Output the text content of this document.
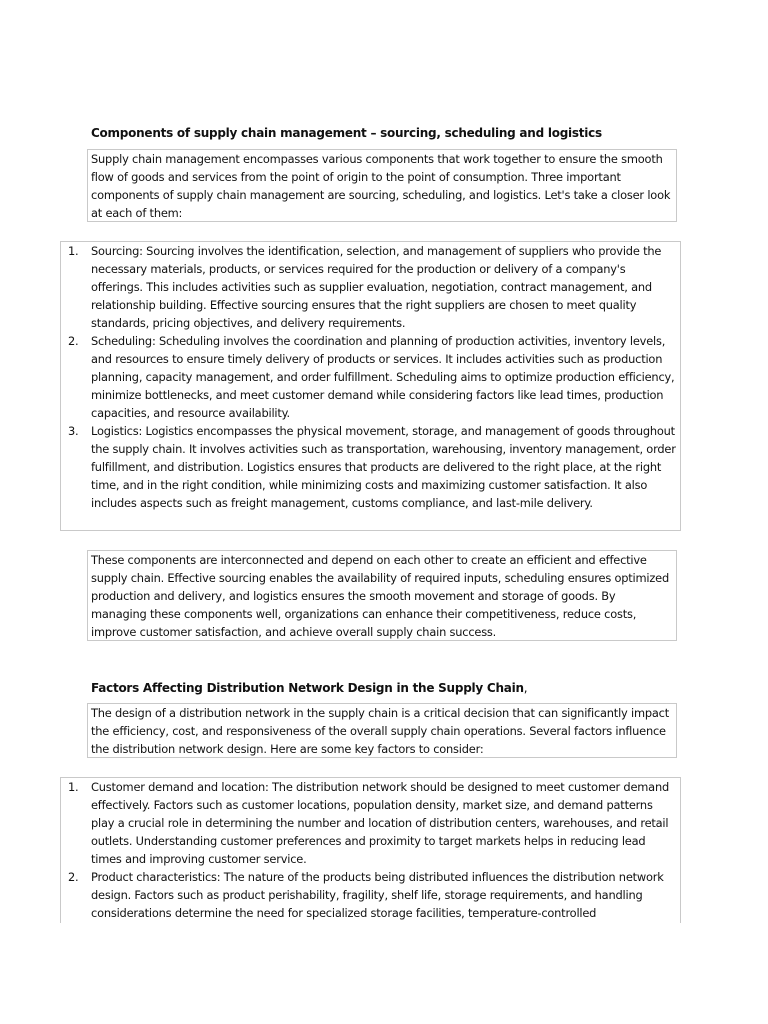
Components of supply chain management – sourcing, scheduling and logistics

Supply chain management encompasses various components that work together to ensure the smooth flow of goods and services from the point of origin to the point of consumption. Three important components of supply chain management are sourcing, scheduling, and logistics. Let's take a closer look at each of them:

1. Sourcing: Sourcing involves the identification, selection, and management of suppliers who provide the necessary materials, products, or services required for the production or delivery of a company's offerings. This includes activities such as supplier evaluation, negotiation, contract management, and relationship building. Effective sourcing ensures that the right suppliers are chosen to meet quality standards, pricing objectives, and delivery requirements.
2. Scheduling: Scheduling involves the coordination and planning of production activities, inventory levels, and resources to ensure timely delivery of products or services. It includes activities such as production planning, capacity management, and order fulfillment. Scheduling aims to optimize production efficiency, minimize bottlenecks, and meet customer demand while considering factors like lead times, production capacities, and resource availability.
3. Logistics: Logistics encompasses the physical movement, storage, and management of goods throughout the supply chain. It involves activities such as transportation, warehousing, inventory management, order fulfillment, and distribution. Logistics ensures that products are delivered to the right place, at the right time, and in the right condition, while minimizing costs and maximizing customer satisfaction. It also includes aspects such as freight management, customs compliance, and last-mile delivery.

These components are interconnected and depend on each other to create an efficient and effective supply chain. Effective sourcing enables the availability of required inputs, scheduling ensures optimized production and delivery, and logistics ensures the smooth movement and storage of goods. By managing these components well, organizations can enhance their competitiveness, reduce costs, improve customer satisfaction, and achieve overall supply chain success.

Factors Affecting Distribution Network Design in the Supply Chain,

The design of a distribution network in the supply chain is a critical decision that can significantly impact the efficiency, cost, and responsiveness of the overall supply chain operations. Several factors influence the distribution network design. Here are some key factors to consider:

1. Customer demand and location: The distribution network should be designed to meet customer demand effectively. Factors such as customer locations, population density, market size, and demand patterns play a crucial role in determining the number and location of distribution centers, warehouses, and retail outlets. Understanding customer preferences and proximity to target markets helps in reducing lead times and improving customer service.
2. Product characteristics: The nature of the products being distributed influences the distribution network design. Factors such as product perishability, fragility, shelf life, storage requirements, and handling considerations determine the need for specialized storage facilities, temperature-controlled
